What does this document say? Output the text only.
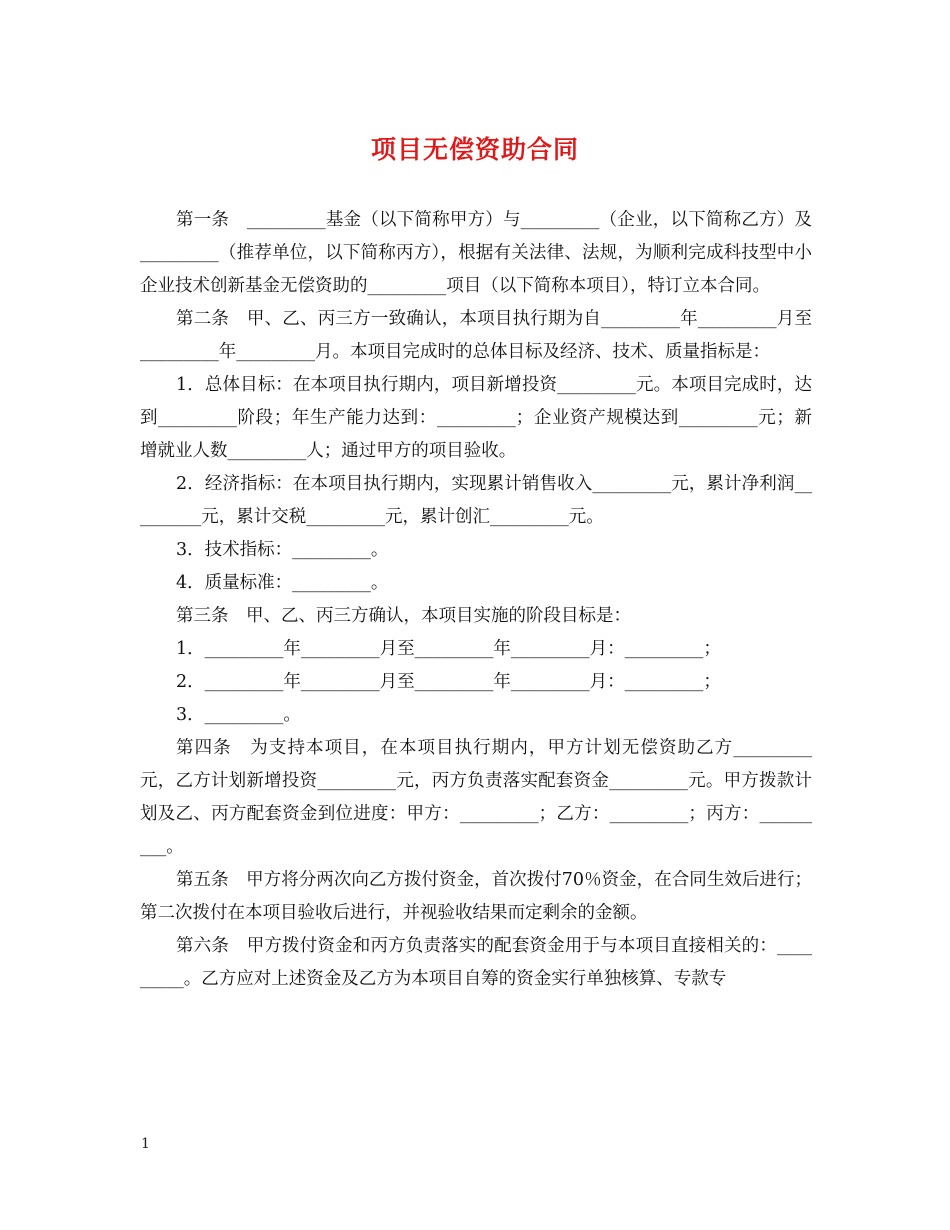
项目无偿资助合同

第一条　_________基金（以下简称甲方）与_________（企业，以下简称乙方）及_________（推荐单位，以下简称丙方），根据有关法律、法规，为顺利完成科技型中小企业技术创新基金无偿资助的_________项目（以下简称本项目），特订立本合同。

第二条　甲、乙、丙三方一致确认，本项目执行期为自_________年_________月至_________年_________月。本项目完成时的总体目标及经济、技术、质量指标是：

1．总体目标：在本项目执行期内，项目新增投资_________元。本项目完成时，达到_________阶段；年生产能力达到：_________；企业资产规模达到_________元；新增就业人数_________人；通过甲方的项目验收。

2．经济指标：在本项目执行期内，实现累计销售收入_________元，累计净利润_________元，累计交税_________元，累计创汇_________元。

3．技术指标：_________。

4．质量标准：_________。

第三条　甲、乙、丙三方确认，本项目实施的阶段目标是：

1．_________年_________月至_________年_________月：_________；

2．_________年_________月至_________年_________月：_________；

3．_________。

第四条　为支持本项目，在本项目执行期内，甲方计划无偿资助乙方_________元，乙方计划新增投资_________元，丙方负责落实配套资金_________元。甲方拨款计划及乙、丙方配套资金到位进度：甲方：_________；乙方：_________；丙方：_________。

第五条　甲方将分两次向乙方拨付资金，首次拨付70％资金，在合同生效后进行；第二次拨付在本项目验收后进行，并视验收结果而定剩余的金额。

第六条　甲方拨付资金和丙方负责落实的配套资金用于与本项目直接相关的：_________。乙方应对上述资金及乙方为本项目自筹的资金实行单独核算、专款专

1
